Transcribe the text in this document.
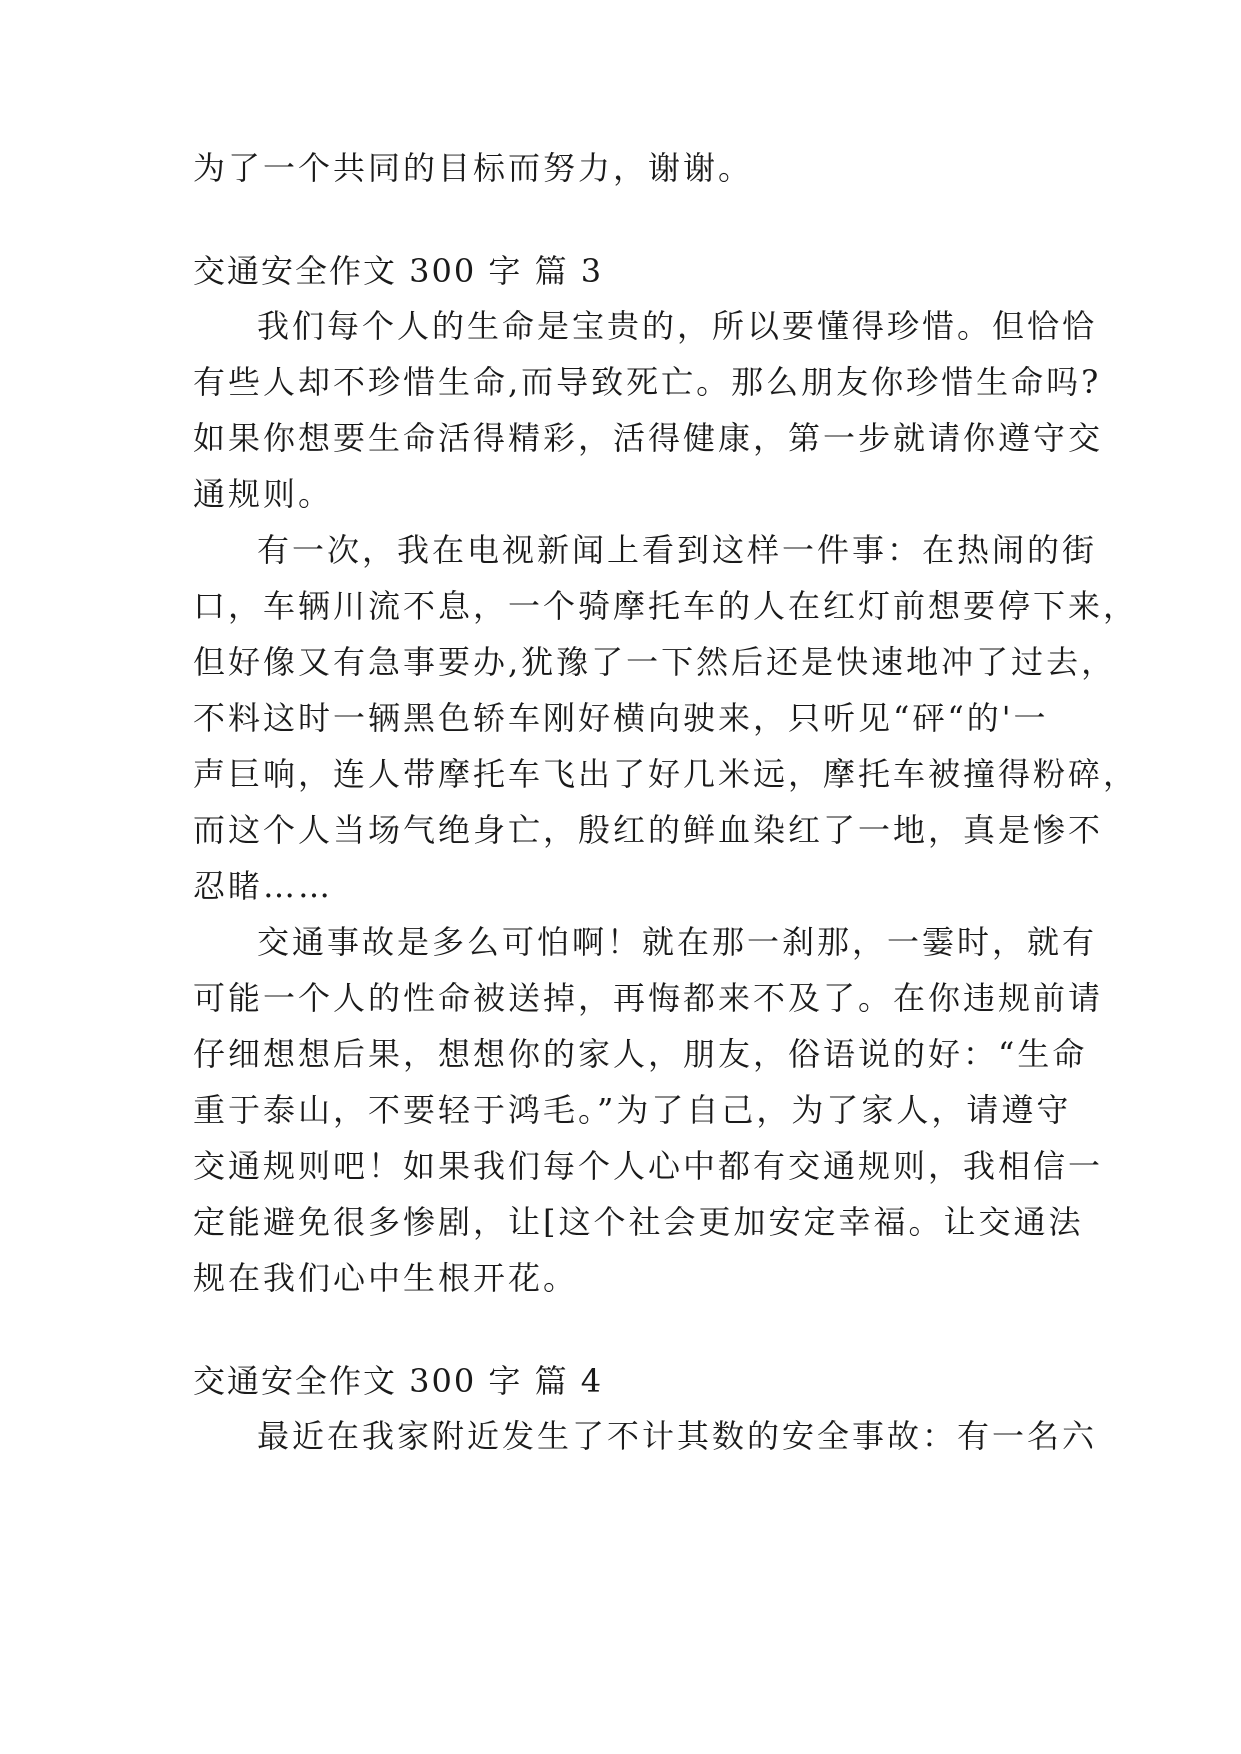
为了一个共同的目标而努力，谢谢。
交通安全作文 300 字 篇 3
我们每个人的生命是宝贵的，所以要懂得珍惜。但恰恰
有些人却不珍惜生命,而导致死亡。那么朋友你珍惜生命吗?
如果你想要生命活得精彩，活得健康，第一步就请你遵守交
通规则。
有一次，我在电视新闻上看到这样一件事：在热闹的街
口，车辆川流不息，一个骑摩托车的人在红灯前想要停下来，
但好像又有急事要办,犹豫了一下然后还是快速地冲了过去，
不料这时一辆黑色轿车刚好横向驶来，只听见“砰“的'一
声巨响，连人带摩托车飞出了好几米远，摩托车被撞得粉碎，
而这个人当场气绝身亡，殷红的鲜血染红了一地，真是惨不
忍睹……
交通事故是多么可怕啊！就在那一刹那，一霎时，就有
可能一个人的性命被送掉，再悔都来不及了。在你违规前请
仔细想想后果，想想你的家人，朋友，俗语说的好：“生命
重于泰山，不要轻于鸿毛。”为了自己，为了家人，请遵守
交通规则吧！如果我们每个人心中都有交通规则，我相信一
定能避免很多惨剧，让[这个社会更加安定幸福。让交通法
规在我们心中生根开花。
交通安全作文 300 字 篇 4
最近在我家附近发生了不计其数的安全事故：有一名六
